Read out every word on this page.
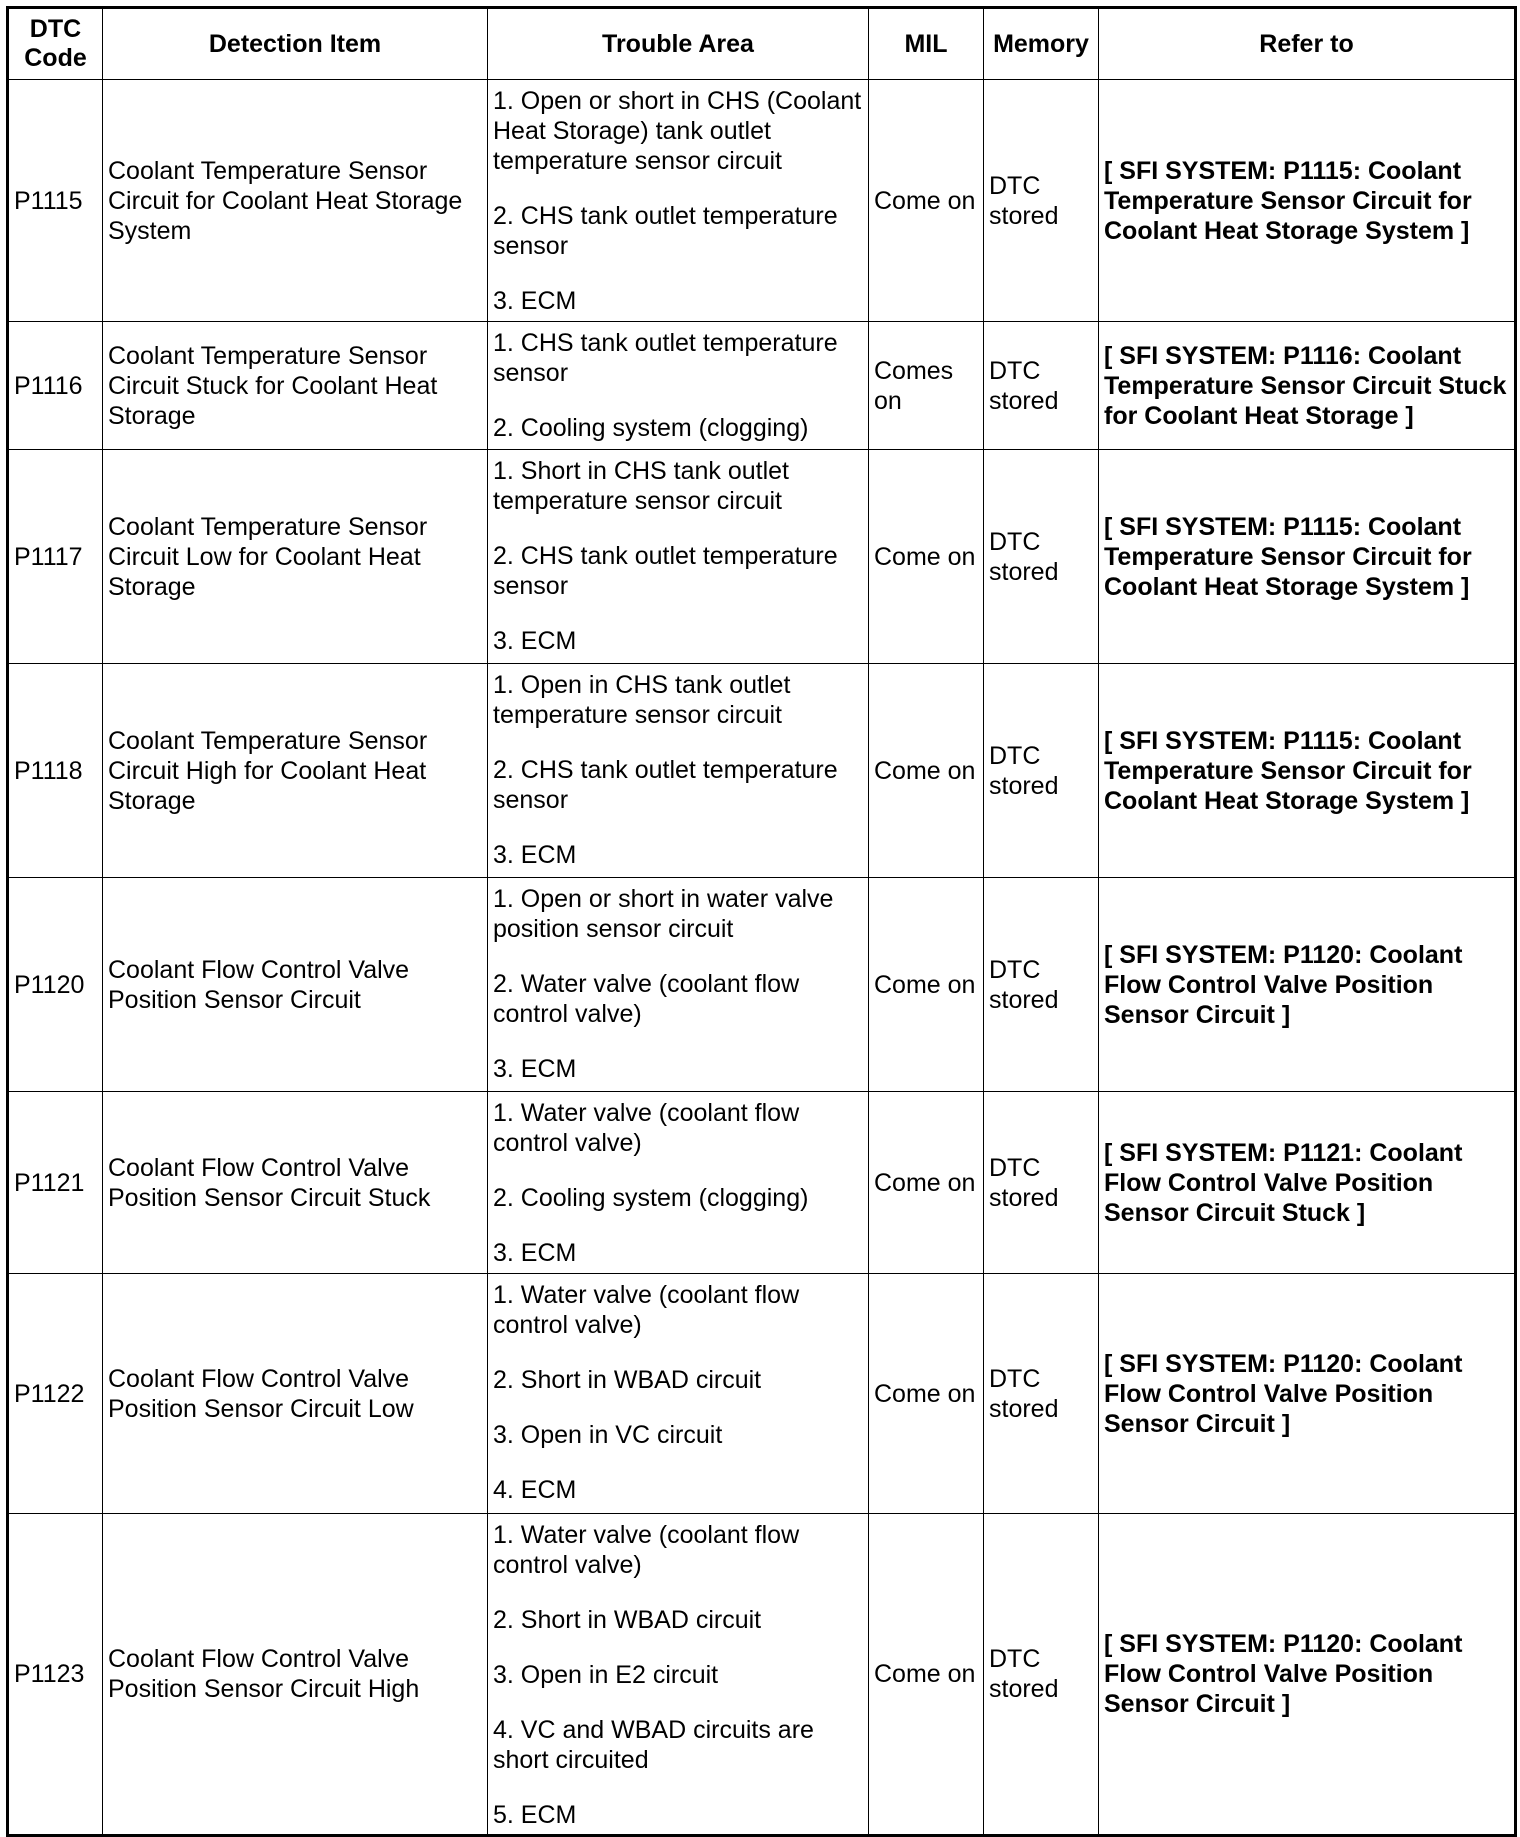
DTC Code	Detection Item	Trouble Area	MIL	Memory	Refer to
P1115	Coolant Temperature Sensor Circuit for Coolant Heat Storage System	1. Open or short in CHS (Coolant Heat Storage) tank outlet temperature sensor circuit
2. CHS tank outlet temperature sensor
3. ECM	Come on	DTC stored	[ SFI SYSTEM: P1115: Coolant Temperature Sensor Circuit for Coolant Heat Storage System ]
P1116	Coolant Temperature Sensor Circuit Stuck for Coolant Heat Storage	1. CHS tank outlet temperature sensor
2. Cooling system (clogging)	Comes on	DTC stored	[ SFI SYSTEM: P1116: Coolant Temperature Sensor Circuit Stuck for Coolant Heat Storage ]
P1117	Coolant Temperature Sensor Circuit Low for Coolant Heat Storage	1. Short in CHS tank outlet temperature sensor circuit
2. CHS tank outlet temperature sensor
3. ECM	Come on	DTC stored	[ SFI SYSTEM: P1115: Coolant Temperature Sensor Circuit for Coolant Heat Storage System ]
P1118	Coolant Temperature Sensor Circuit High for Coolant Heat Storage	1. Open in CHS tank outlet temperature sensor circuit
2. CHS tank outlet temperature sensor
3. ECM	Come on	DTC stored	[ SFI SYSTEM: P1115: Coolant Temperature Sensor Circuit for Coolant Heat Storage System ]
P1120	Coolant Flow Control Valve Position Sensor Circuit	1. Open or short in water valve position sensor circuit
2. Water valve (coolant flow control valve)
3. ECM	Come on	DTC stored	[ SFI SYSTEM: P1120: Coolant Flow Control Valve Position Sensor Circuit ]
P1121	Coolant Flow Control Valve Position Sensor Circuit Stuck	1. Water valve (coolant flow control valve)
2. Cooling system (clogging)
3. ECM	Come on	DTC stored	[ SFI SYSTEM: P1121: Coolant Flow Control Valve Position Sensor Circuit Stuck ]
P1122	Coolant Flow Control Valve Position Sensor Circuit Low	1. Water valve (coolant flow control valve)
2. Short in WBAD circuit
3. Open in VC circuit
4. ECM	Come on	DTC stored	[ SFI SYSTEM: P1120: Coolant Flow Control Valve Position Sensor Circuit ]
P1123	Coolant Flow Control Valve Position Sensor Circuit High	1. Water valve (coolant flow control valve)
2. Short in WBAD circuit
3. Open in E2 circuit
4. VC and WBAD circuits are short circuited
5. ECM	Come on	DTC stored	[ SFI SYSTEM: P1120: Coolant Flow Control Valve Position Sensor Circuit ]
